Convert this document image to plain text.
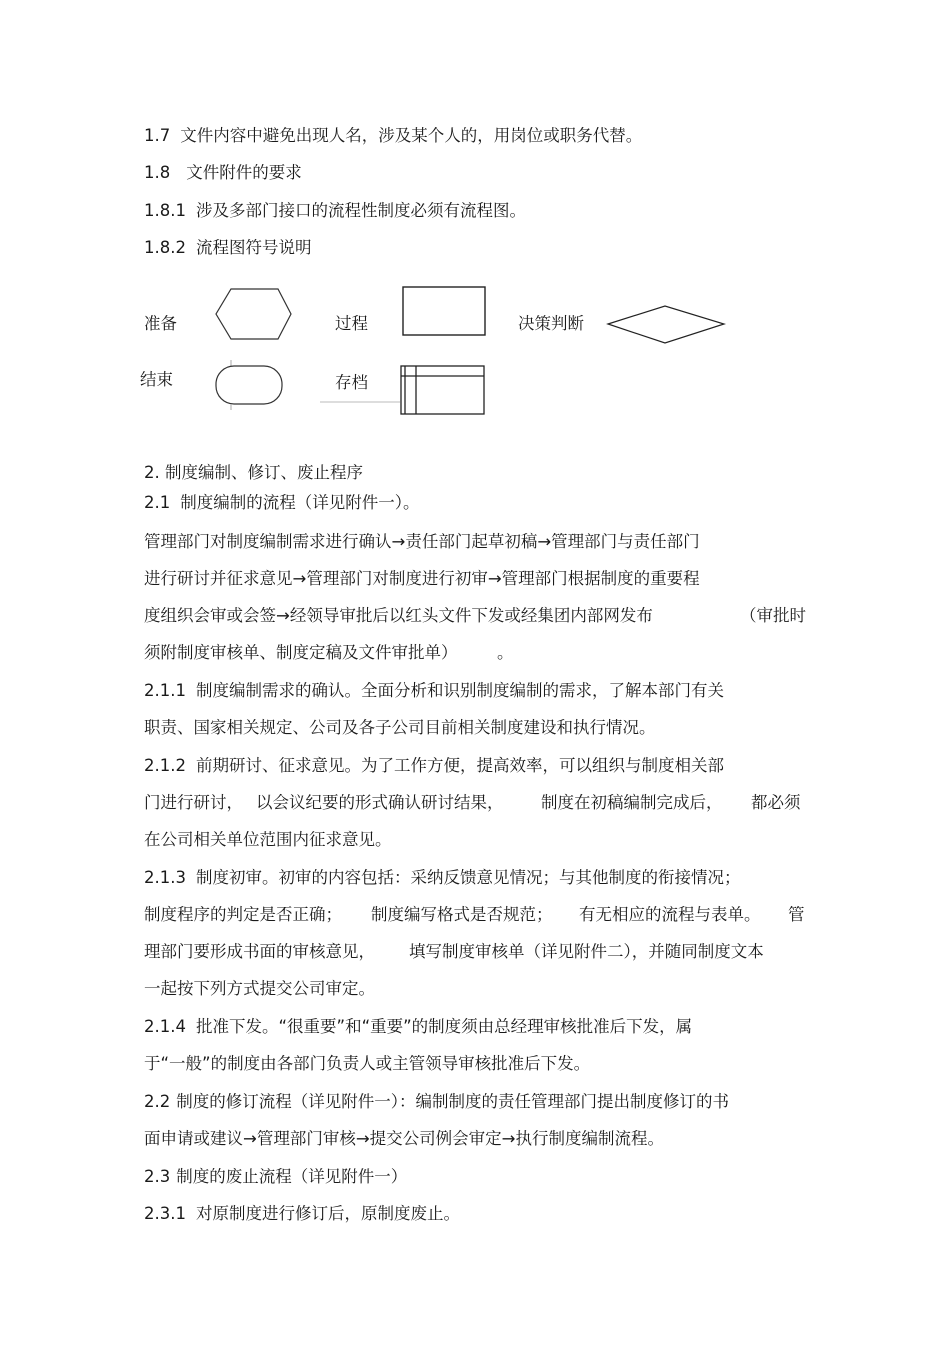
1.7 文件内容中避免出现人名，涉及某个人的，用岗位或职务代替。
1.8 文件附件的要求
1.8.1 涉及多部门接口的流程性制度必须有流程图。
1.8.2 流程图符号说明
准备	过程	决策判断
结束	存档
2. 制度编制、修订、废止程序
2.1 制度编制的流程（详见附件一）。
管理部门对制度编制需求进行确认→责任部门起草初稿→管理部门与责任部门
进行研讨并征求意见→管理部门对制度进行初审→管理部门根据制度的重要程
度组织会审或会签→经领导审批后以红头文件下发或经集团内部网发布	（审批时
须附制度审核单、制度定稿及文件审批单） 。
2.1.1 制度编制需求的确认。全面分析和识别制度编制的需求，了解本部门有关
职责、国家相关规定、公司及各子公司目前相关制度建设和执行情况。
2.1.2 前期研讨、征求意见。为了工作方便，提高效率，可以组织与制度相关部
门进行研讨， 以会议纪要的形式确认研讨结果， 制度在初稿编制完成后， 都必须
在公司相关单位范围内征求意见。
2.1.3 制度初审。初审的内容包括：采纳反馈意见情况；与其他制度的衔接情况；
制度程序的判定是否正确； 制度编写格式是否规范； 有无相应的流程与表单。 管
理部门要形成书面的审核意见， 填写制度审核单（详见附件二），并随同制度文本
一起按下列方式提交公司审定。
2.1.4 批准下发。“很重要”和“重要”的制度须由总经理审核批准后下发，属
于“一般”的制度由各部门负责人或主管领导审核批准后下发。
2.2 制度的修订流程（详见附件一）：编制制度的责任管理部门提出制度修订的书
面申请或建议→管理部门审核→提交公司例会审定→执行制度编制流程。
2.3 制度的废止流程（详见附件一）
2.3.1 对原制度进行修订后，原制度废止。
